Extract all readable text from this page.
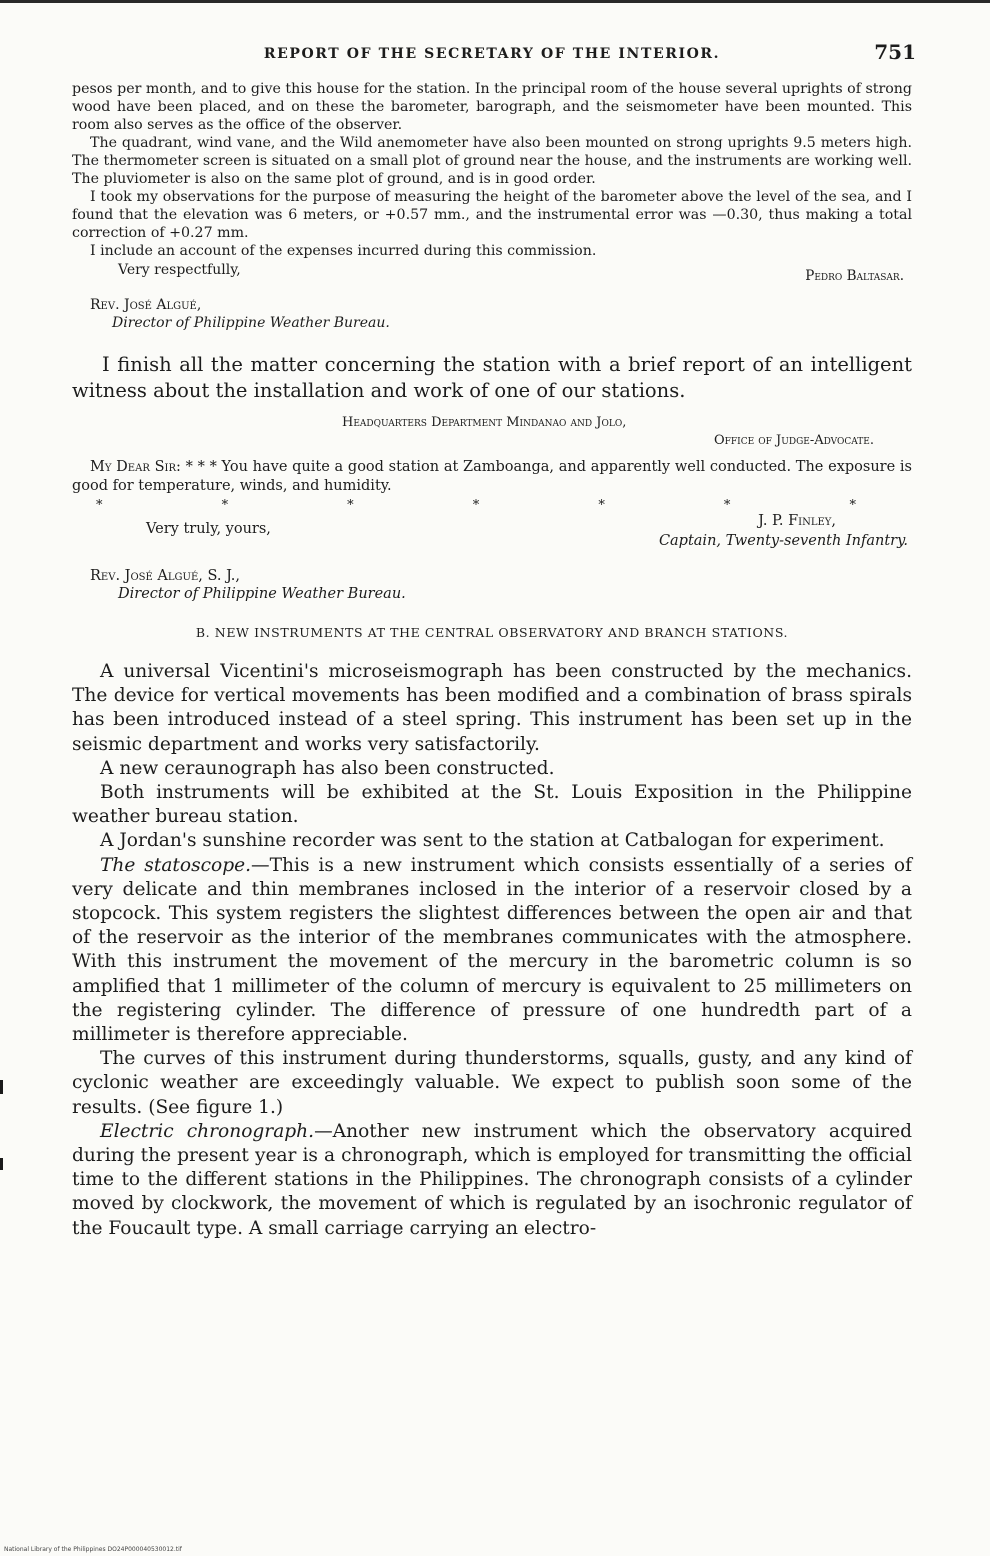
REPORT OF THE SECRETARY OF THE INTERIOR.	751

pesos per month, and to give this house for the station. In the principal room of the house several uprights of strong wood have been placed, and on these the barometer, barograph, and the seismometer have been mounted. This room also serves as the office of the observer.

The quadrant, wind vane, and the Wild anemometer have also been mounted on strong uprights 9.5 meters high. The thermometer screen is situated on a small plot of ground near the house, and the instruments are working well. The pluviometer is also on the same plot of ground, and is in good order.

I took my observations for the purpose of measuring the height of the barometer above the level of the sea, and I found that the elevation was 6 meters, or +0.57 mm., and the instrumental error was —0.30, thus making a total correction of +0.27 mm.

I include an account of the expenses incurred during this commission.

Very respectfully,	Pedro Baltasar.
Rev. José Algué,
Director of Philippine Weather Bureau.
I finish all the matter concerning the station with a brief report of an intelligent witness about the installation and work of one of our stations.
Headquarters Department Mindanao and Jolo,
Office of Judge-Advocate.
My Dear Sir: * * * You have quite a good station at Zamboanga, and apparently well conducted. The exposure is good for temperature, winds, and humidity.
*	*	*	*	*	*	*
Very truly, yours,	J. P. Finley,
Captain, Twenty-seventh Infantry.
Rev. José Algué, S. J.,
Director of Philippine Weather Bureau.
B. NEW INSTRUMENTS AT THE CENTRAL OBSERVATORY AND BRANCH STATIONS.

A universal Vicentini's microseismograph has been constructed by the mechanics. The device for vertical movements has been modified and a combination of brass spirals has been introduced instead of a steel spring. This instrument has been set up in the seismic department and works very satisfactorily.

A new ceraunograph has also been constructed.

Both instruments will be exhibited at the St. Louis Exposition in the Philippine weather bureau station.

A Jordan's sunshine recorder was sent to the station at Catbalogan for experiment.

The statoscope.—This is a new instrument which consists essentially of a series of very delicate and thin membranes inclosed in the interior of a reservoir closed by a stopcock. This system registers the slightest differences between the open air and that of the reservoir as the interior of the membranes communicates with the atmosphere. With this instrument the movement of the mercury in the barometric column is so amplified that 1 millimeter of the column of mercury is equivalent to 25 millimeters on the registering cylinder. The difference of pressure of one hundredth part of a millimeter is therefore appreciable.

The curves of this instrument during thunderstorms, squalls, gusty, and any kind of cyclonic weather are exceedingly valuable. We expect to publish soon some of the results. (See figure 1.)

Electric chronograph.—Another new instrument which the observatory acquired during the present year is a chronograph, which is employed for transmitting the official time to the different stations in the Philippines. The chronograph consists of a cylinder moved by clockwork, the movement of which is regulated by an isochronic regulator of the Foucault type. A small carriage carrying an electro-

National Library of the Philippines DO24P000040530012.tif
